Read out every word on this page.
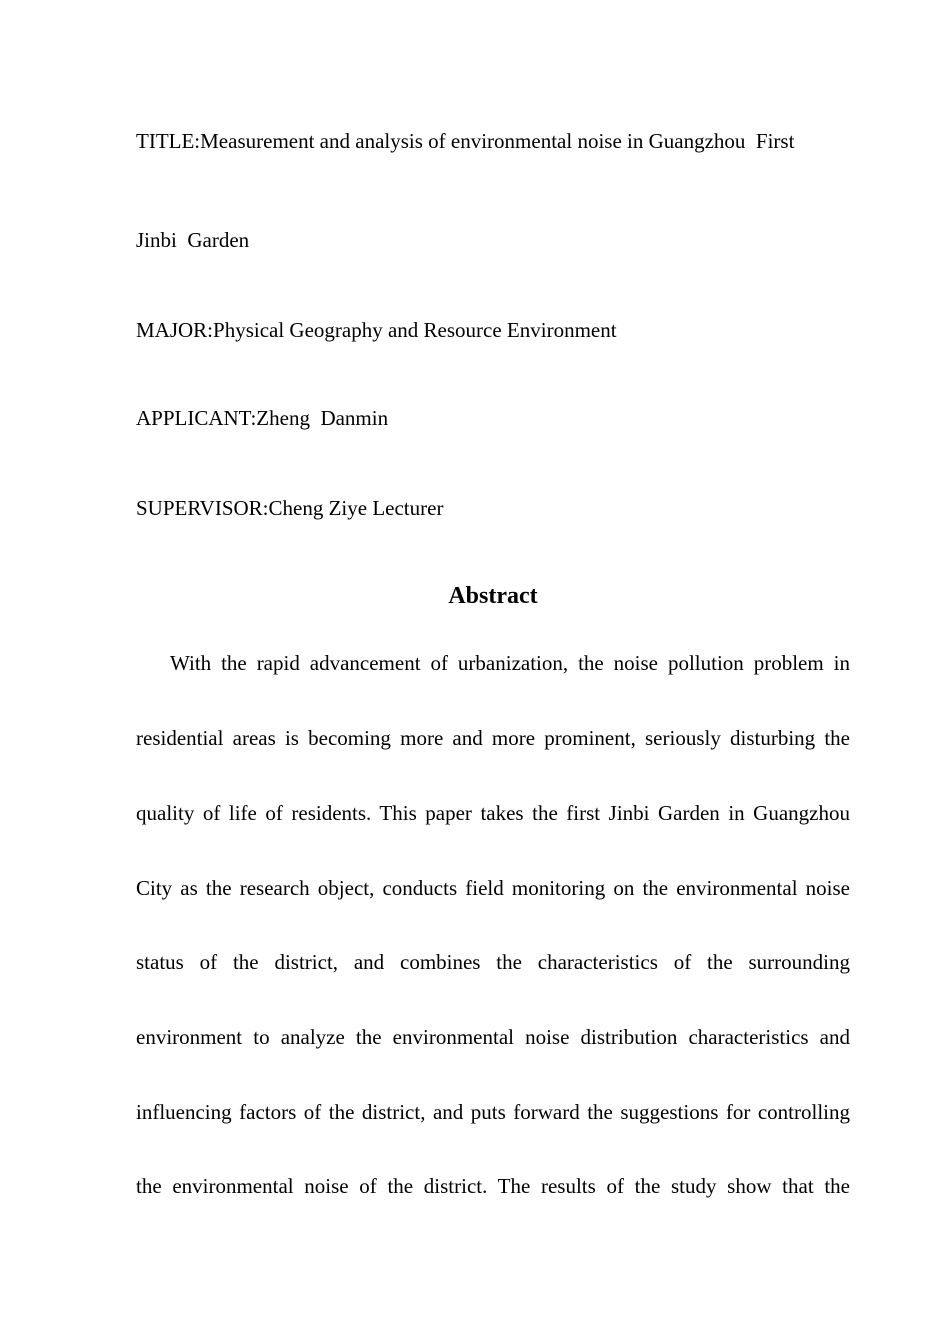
TITLE:Measurement and analysis of environmental noise in Guangzhou  First
Jinbi  Garden
MAJOR:Physical Geography and Resource Environment
APPLICANT:Zheng  Danmin
SUPERVISOR:Cheng Ziye Lecturer
Abstract
With the rapid advancement of urbanization, the noise pollution problem in
residential areas is becoming more and more prominent, seriously disturbing the
quality of life of residents. This paper takes the first Jinbi Garden in Guangzhou
City as the research object, conducts field monitoring on the environmental noise
status of the district, and combines the characteristics of the surrounding
environment to analyze the environmental noise distribution characteristics and
influencing factors of the district, and puts forward the suggestions for controlling
the environmental noise of the district. The results of the study show that the
